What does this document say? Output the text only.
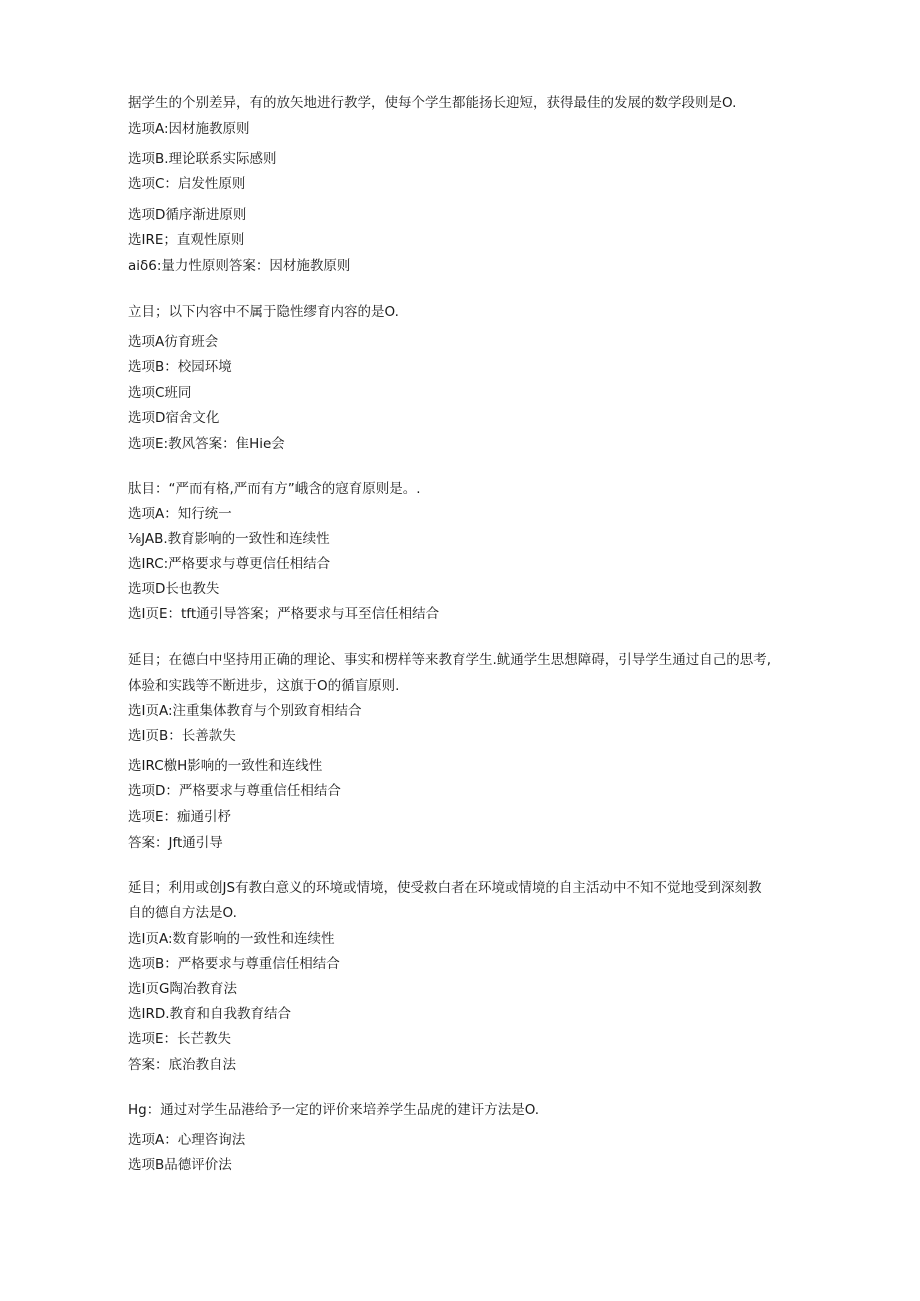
据学生的个别差异，有的放矢地进行教学，使每个学生都能扬长迎短，获得最佳的发展的数学段则是O.
选项A:因材施教原则
选项B.理论联系实际感则
选项C：启发性原则
选项D循序渐进原则
选IRE；直观性原则
aiδ6:量力性原则答案：因材施教原则
立目；以下内容中不属于隐性缪育内容的是O.
选项A彷育班会
选项B：校园环境
选项C班同
选项D宿舍文化
选项E:教风答案：隹Hie会
肽目：“严而有格,严而有方”峨含的寇育原则是。.
选项A：知行统一
⅛JAB.教育影响的一致性和连续性
选IRC:严格要求与尊更信任相结合
选项D长也教失
选I页E：tft通引导答案；严格要求与耳至信任相结合
延目；在德白中坚持用正确的理论、事实和楞样等来教育学生.鱿通学生思想障碍，引导学生通过自己的思考,
体验和实践等不断进步，这旗于O的循盲原则.
选I页A:注重集体教育与个别致育相结合
选I页B：长善款失
选IRC檄H影响的一致性和连线性
选项D：严格要求与尊重信任相结合
选项E：痂通引杼
答案：Jft通引导
延目；利用或创JS有教白意义的环境或情境，使受救白者在环境或情境的自主活动中不知不觉地受到深刻教
自的德自方法是O.
选I页A:数育影响的一致性和连续性
选项B：严格要求与尊重信任相结合
选I页G陶冶教育法
选IRD.教育和自我教育结合
选项E：长芒教失
答案：底治教自法
Hg：通过对学生品港给予一定的评价来培养学生品虎的建讦方法是O.
选项A：心理咨询法
选项B品德评价法
